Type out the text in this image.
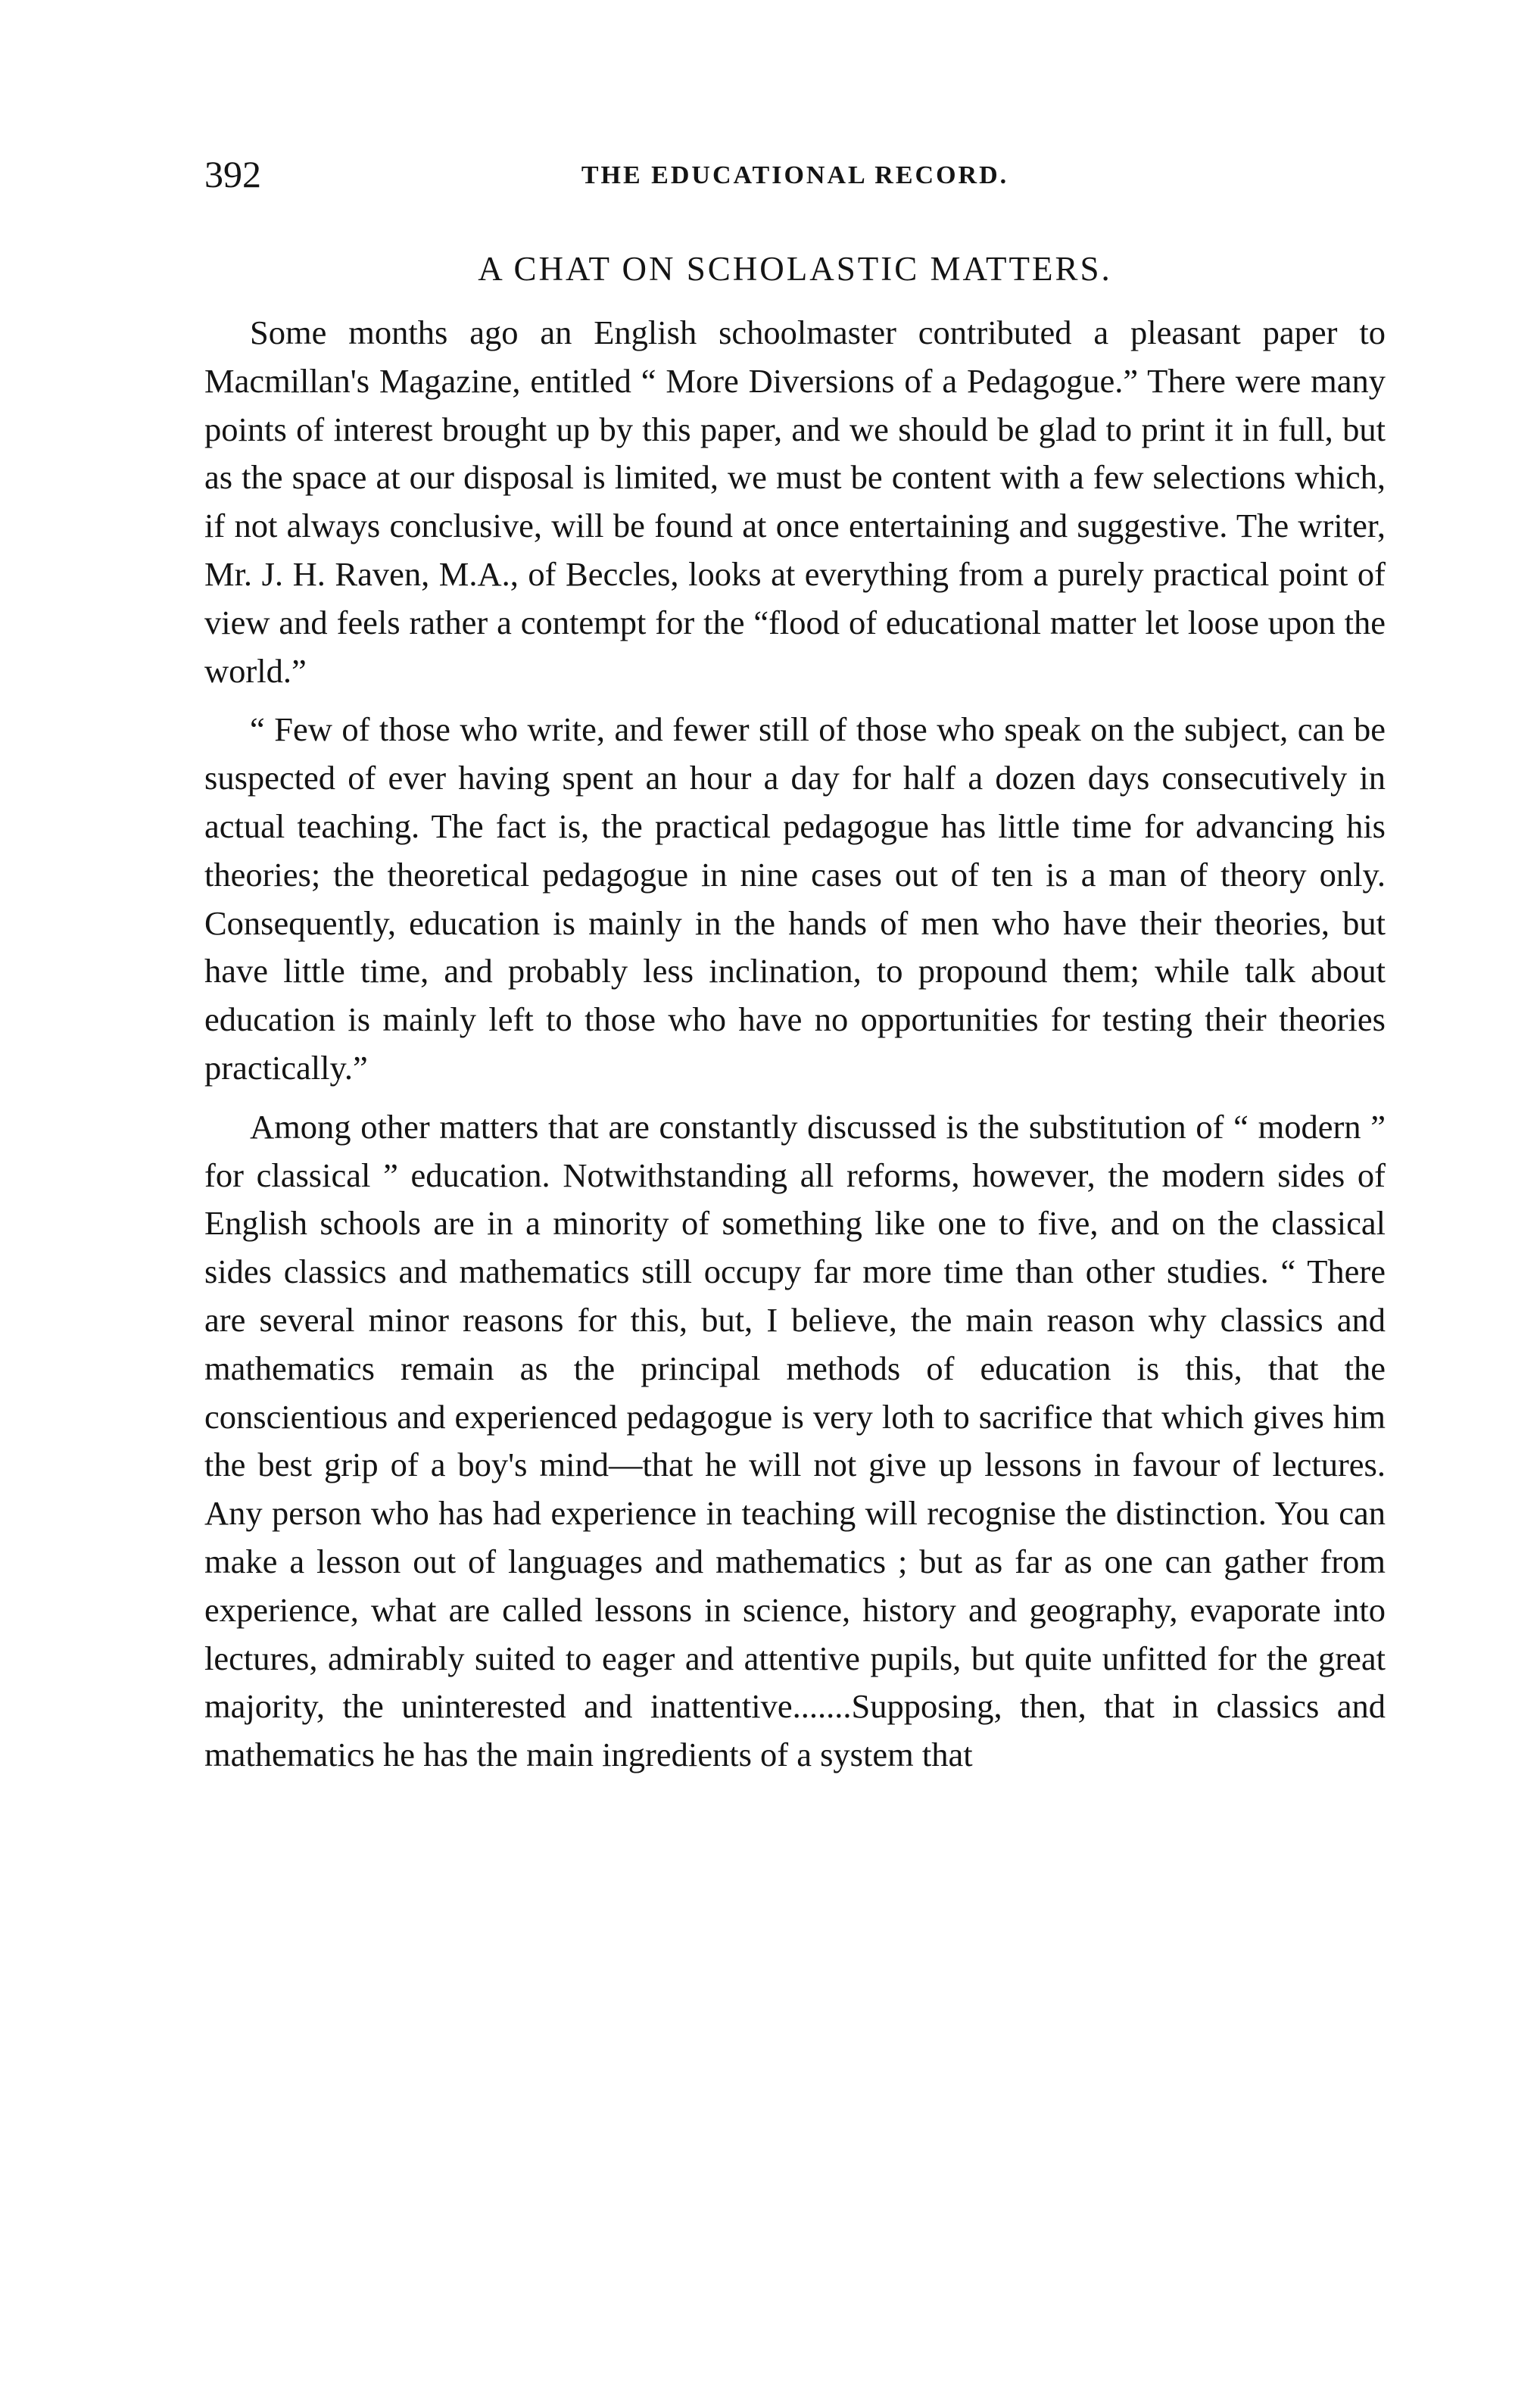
392	THE EDUCATIONAL RECORD.
A CHAT ON SCHOLASTIC MATTERS.

Some months ago an English schoolmaster contributed a pleasant paper to Macmillan's Magazine, entitled “ More Diversions of a Pedagogue.” There were many points of interest brought up by this paper, and we should be glad to print it in full, but as the space at our disposal is limited, we must be content with a few selections which, if not always conclusive, will be found at once entertaining and suggestive. The writer, Mr. J. H. Raven, M.A., of Beccles, looks at everything from a purely practical point of view and feels rather a contempt for the “flood of educational matter let loose upon the world.”

“ Few of those who write, and fewer still of those who speak on the subject, can be suspected of ever having spent an hour a day for half a dozen days consecutively in actual teaching. The fact is, the practical pedagogue has little time for advancing his theories; the theoretical pedagogue in nine cases out of ten is a man of theory only. Consequently, education is mainly in the hands of men who have their theories, but have little time, and probably less inclination, to propound them; while talk about education is mainly left to those who have no opportunities for testing their theories practically.”

Among other matters that are constantly discussed is the substitution of “ modern ” for classical ” education. Notwithstanding all reforms, however, the modern sides of English schools are in a minority of something like one to five, and on the classical sides classics and mathematics still occupy far more time than other studies. “ There are several minor reasons for this, but, I believe, the main reason why classics and mathematics remain as the principal methods of education is this, that the conscientious and experienced pedagogue is very loth to sacrifice that which gives him the best grip of a boy's mind—that he will not give up lessons in favour of lectures. Any person who has had experience in teaching will recognise the distinction. You can make a lesson out of languages and mathematics ; but as far as one can gather from experience, what are called lessons in science, history and geography, evaporate into lectures, admirably suited to eager and attentive pupils, but quite unfitted for the great majority, the uninterested and inattentive.......Supposing, then, that in classics and mathematics he has the main ingredients of a system that
